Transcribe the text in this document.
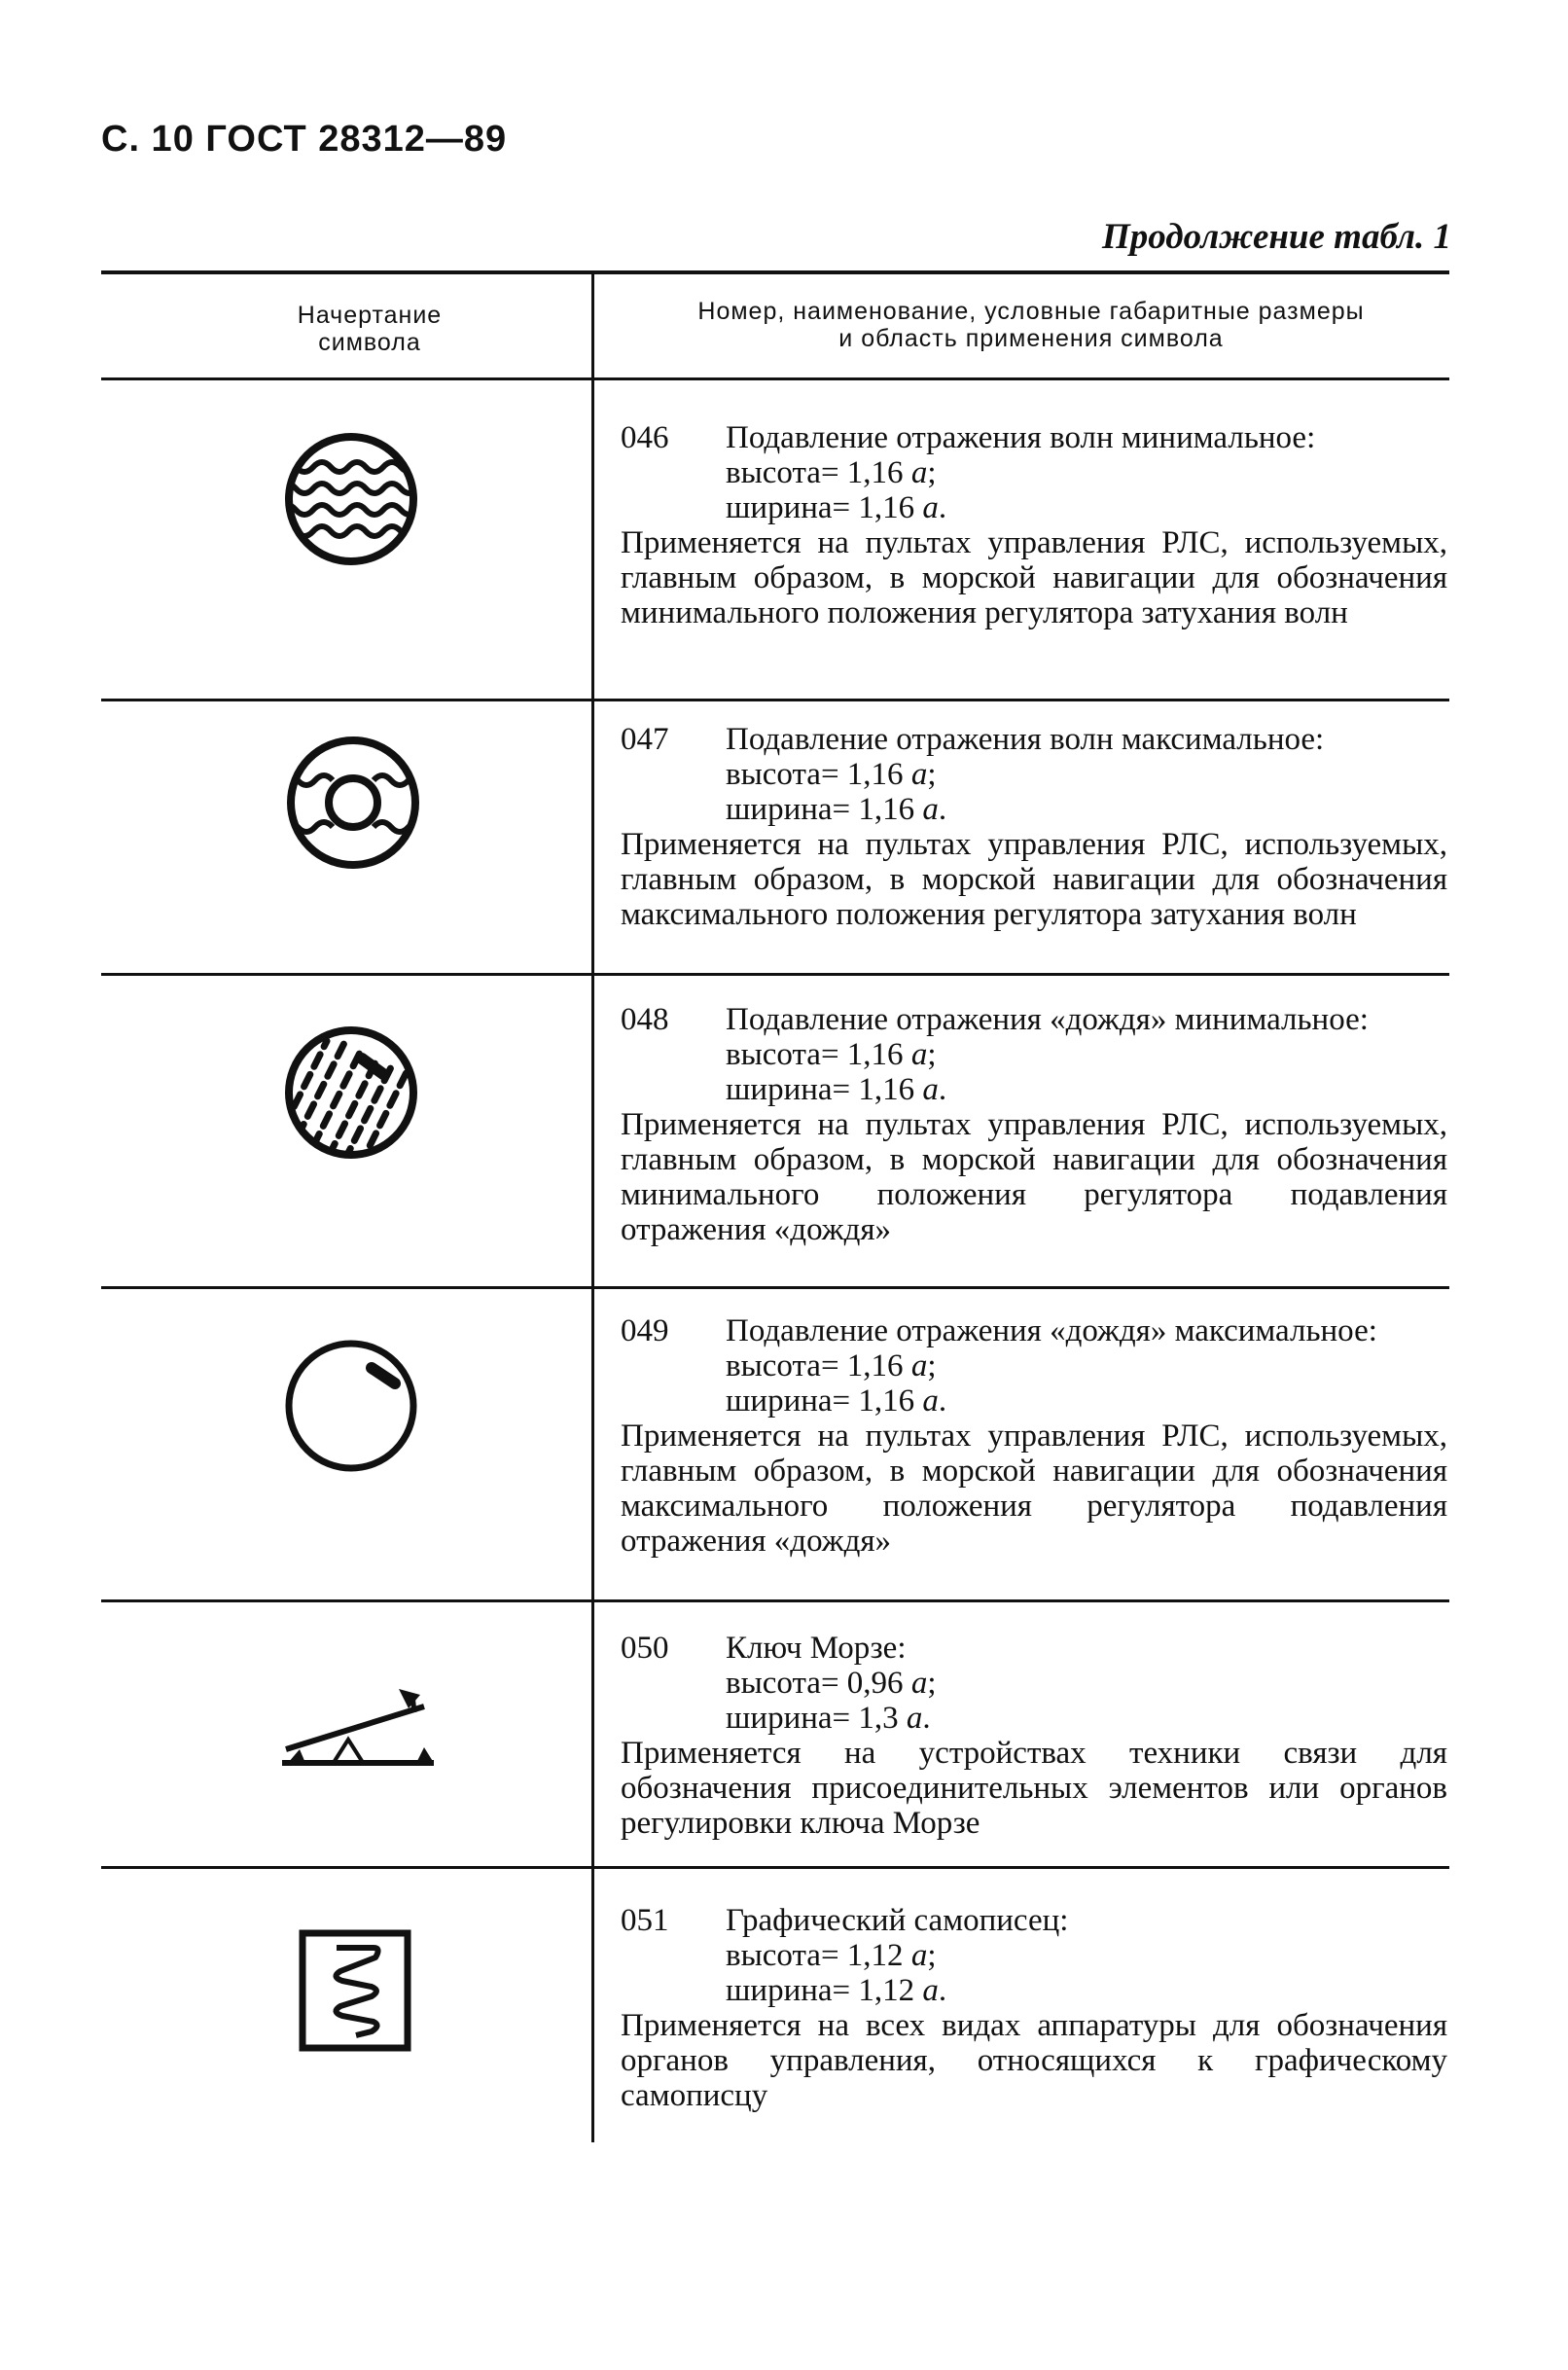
С. 10 ГОСТ 28312—89
Продолжение табл. 1
Начертание символа
Номер, наименование, условные габаритные размеры
и область применения символа
046	Подавление отражения волн минимальное:
высота= 1,16 а;
ширина= 1,16 а.
Применяется на пультах управления РЛС, используемых, главным образом, в морской навигации для обозначения минимального положения регулятора затухания волн
047	Подавление отражения волн максимальное:
высота= 1,16 а;
ширина= 1,16 а.
Применяется на пультах управления РЛС, используемых, главным образом, в морской навигации для обозначения максимального положения регулятора затухания волн
048	Подавление отражения «дождя» минимальное:
высота= 1,16 а;
ширина= 1,16 а.
Применяется на пультах управления РЛС, используемых, главным образом, в морской навигации для обозначения минимального положения регулятора подавления отражения «дождя»
049	Подавление отражения «дождя» максимальное:
высота= 1,16 а;
ширина= 1,16 а.
Применяется на пультах управления РЛС, используемых, главным образом, в морской навигации для обозначения максимального положения регулятора подавления отражения «дождя»
050	Ключ Морзе:
высота= 0,96 а;
ширина= 1,3 а.
Применяется на устройствах техники связи для обозначения присоединительных элементов или органов регулировки ключа Морзе
051	Графический самописец:
высота= 1,12 а;
ширина= 1,12 а.
Применяется на всех видах аппаратуры для обозначения органов управления, относящихся к графическому самописцу
